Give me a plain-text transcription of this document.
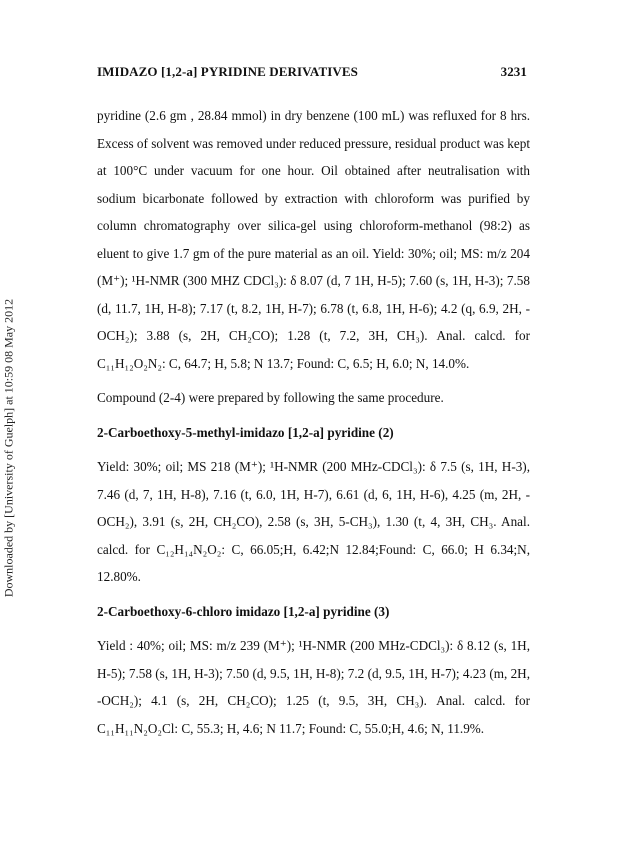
Downloaded by [University of Guelph] at 10:59 08 May 2012
IMIDAZO [1,2-a] PYRIDINE DERIVATIVES	3231

pyridine (2.6 gm , 28.84 mmol) in dry benzene (100 mL) was refluxed for 8 hrs. Excess of solvent was removed under reduced pressure, residual product was kept at 100°C under vacuum for one hour. Oil obtained after neutralisation with sodium bicarbonate followed by extraction with chloroform was purified by column chromatography over silica-gel using chloroform-methanol (98:2) as eluent to give 1.7 gm of the pure material as an oil. Yield: 30%; oil; MS: m/z 204 (M⁺); ¹H-NMR (300 MHZ CDCl₃): δ 8.07 (d, 7 1H, H-5); 7.60 (s, 1H, H-3); 7.58 (d, 11.7, 1H, H-8); 7.17 (t, 8.2, 1H, H-7); 6.78 (t, 6.8, 1H, H-6); 4.2 (q, 6.9, 2H, -OCH₂); 3.88 (s, 2H, CH₂CO); 1.28 (t, 7.2, 3H, CH₃). Anal. calcd. for C₁₁H₁₂O₂N₂: C, 64.7; H, 5.8; N 13.7; Found: C, 6.5; H, 6.0; N, 14.0%.

Compound (2-4) were prepared by following the same procedure.

2-Carboethoxy-5-methyl-imidazo [1,2-a] pyridine (2)

Yield: 30%; oil; MS 218 (M⁺); ¹H-NMR (200 MHz-CDCl₃): δ 7.5 (s, 1H, H-3), 7.46 (d, 7, 1H, H-8), 7.16 (t, 6.0, 1H, H-7), 6.61 (d, 6, 1H, H-6), 4.25 (m, 2H, -OCH₂), 3.91 (s, 2H, CH₂CO), 2.58 (s, 3H, 5-CH₃), 1.30 (t, 4, 3H, CH₃. Anal. calcd. for C₁₂H₁₄N₂O₂: C, 66.05;H, 6.42;N 12.84;Found: C, 66.0; H 6.34;N, 12.80%.

2-Carboethoxy-6-chloro imidazo [1,2-a] pyridine (3)

Yield : 40%; oil; MS: m/z 239 (M⁺); ¹H-NMR (200 MHz-CDCl₃): δ 8.12 (s, 1H, H-5); 7.58 (s, 1H, H-3); 7.50 (d, 9.5, 1H, H-8); 7.2 (d, 9.5, 1H, H-7); 4.23 (m, 2H, -OCH₂); 4.1 (s, 2H, CH₂CO); 1.25 (t, 9.5, 3H, CH₃). Anal. calcd. for C₁₁H₁₁N₂O₂Cl: C, 55.3; H, 4.6; N 11.7; Found: C, 55.0;H, 4.6; N, 11.9%.
